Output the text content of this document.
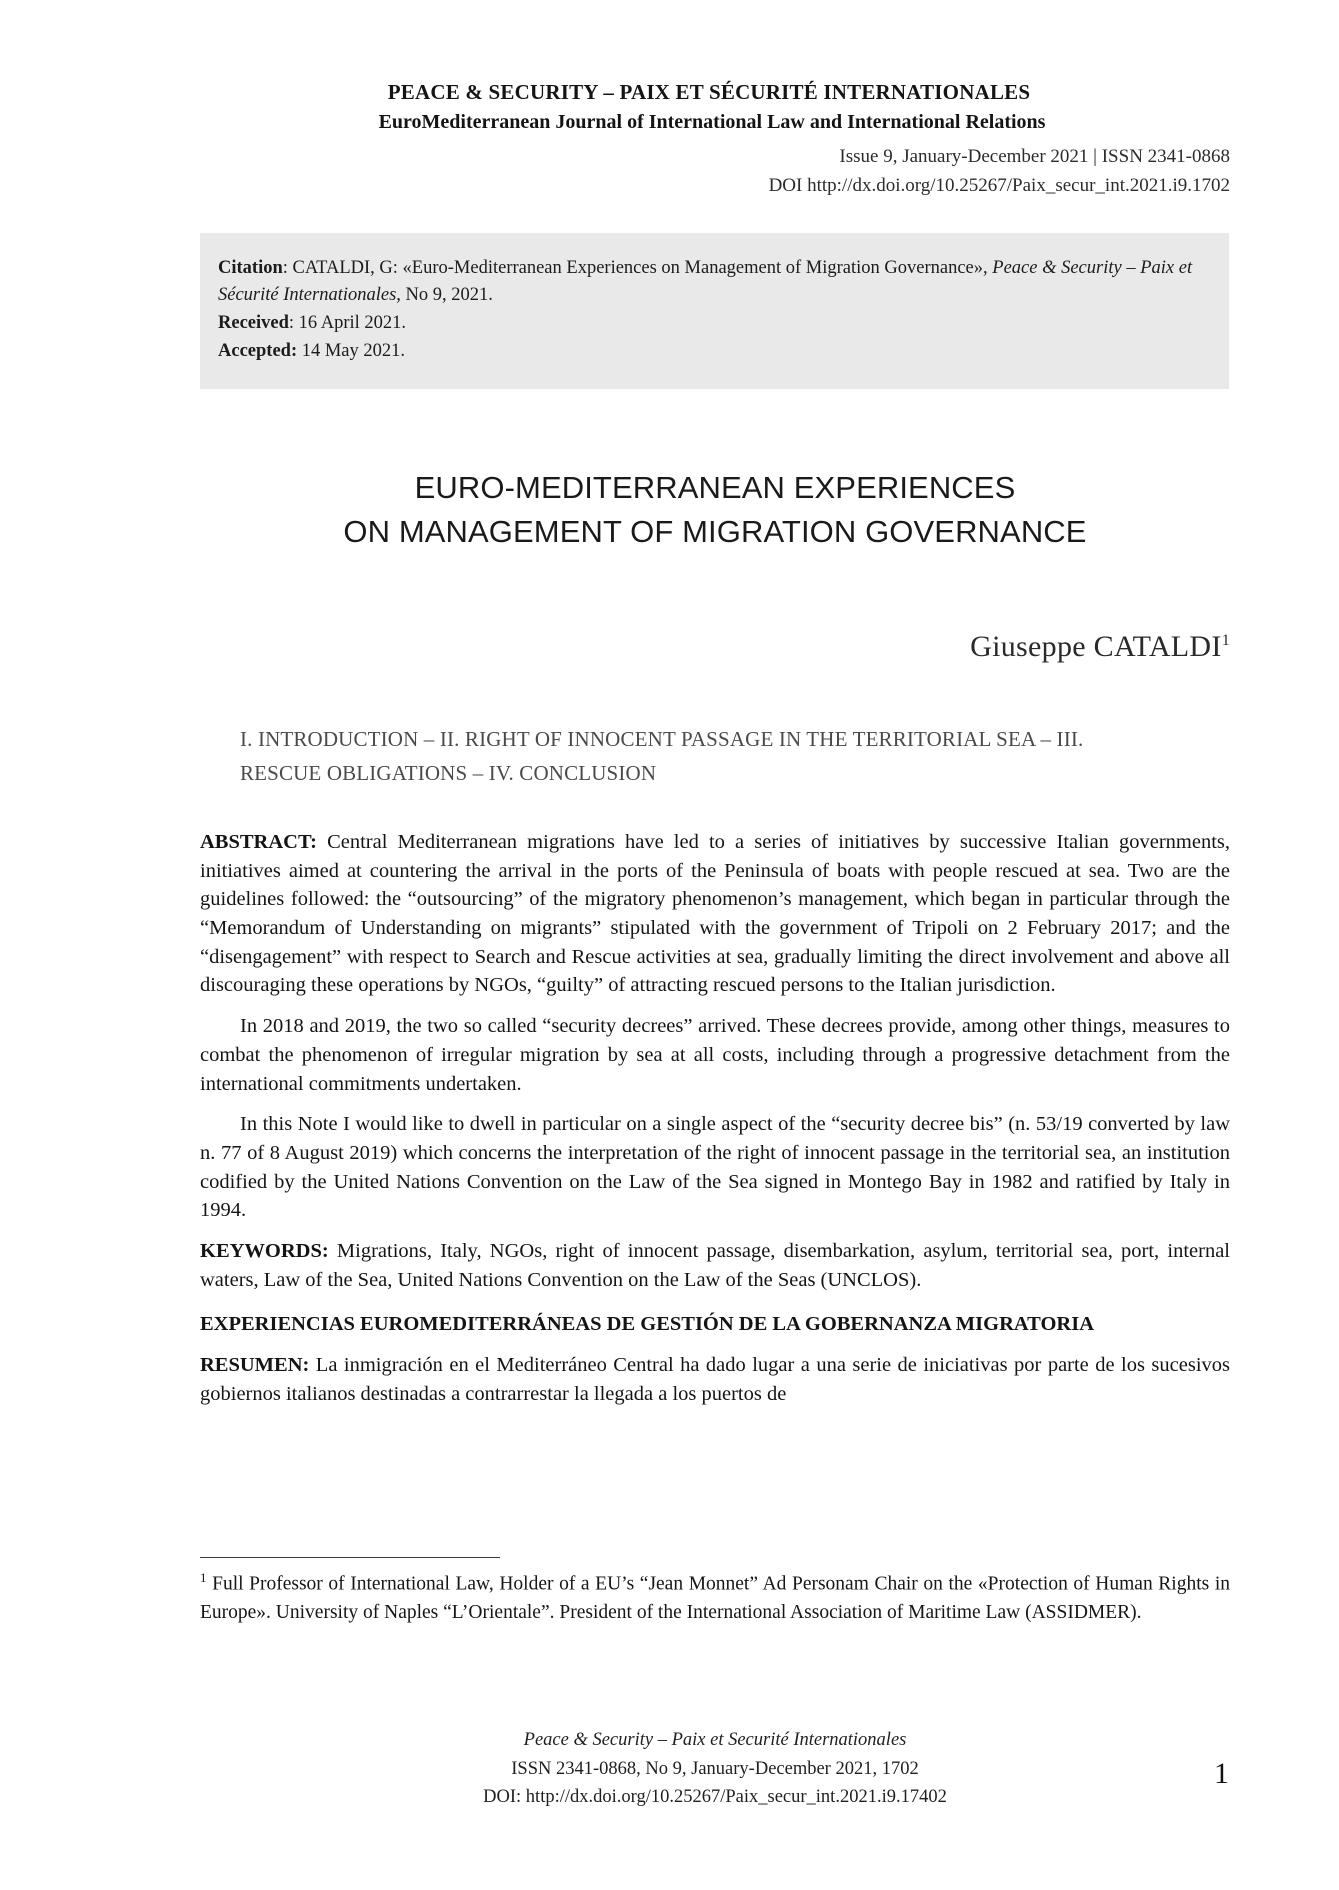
PEACE & SECURITY – PAIX ET SÉCURITÉ INTERNATIONALES
EuroMediterranean Journal of International Law and International Relations
Issue 9, January-December 2021 | ISSN 2341-0868
DOI http://dx.doi.org/10.25267/Paix_secur_int.2021.i9.1702
Citation: CATALDI, G: «Euro-Mediterranean Experiences on Management of Migration Governance», Peace & Security – Paix et Sécurité Internationales, No 9, 2021.
Received: 16 April 2021.
Accepted: 14 May 2021.
EURO-MEDITERRANEAN EXPERIENCES
ON MANAGEMENT OF MIGRATION GOVERNANCE
Giuseppe CATALDI$^1$
I. INTRODUCTION – II. RIGHT OF INNOCENT PASSAGE IN THE TERRITORIAL SEA – III. RESCUE OBLIGATIONS – IV. CONCLUSION

ABSTRACT: Central Mediterranean migrations have led to a series of initiatives by successive Italian governments, initiatives aimed at countering the arrival in the ports of the Peninsula of boats with people rescued at sea. Two are the guidelines followed: the “outsourcing” of the migratory phenomenon’s management, which began in particular through the “Memorandum of Understanding on migrants” stipulated with the government of Tripoli on 2 February 2017; and the “disengagement” with respect to Search and Rescue activities at sea, gradually limiting the direct involvement and above all discouraging these operations by NGOs, “guilty” of attracting rescued persons to the Italian jurisdiction.

In 2018 and 2019, the two so called “security decrees” arrived. These decrees provide, among other things, measures to combat the phenomenon of irregular migration by sea at all costs, including through a progressive detachment from the international commitments undertaken.

In this Note I would like to dwell in particular on a single aspect of the “security decree bis” (n. 53/19 converted by law n. 77 of 8 August 2019) which concerns the interpretation of the right of innocent passage in the territorial sea, an institution codified by the United Nations Convention on the Law of the Sea signed in Montego Bay in 1982 and ratified by Italy in 1994.

KEYWORDS: Migrations, Italy, NGOs, right of innocent passage, disembarkation, asylum, territorial sea, port, internal waters, Law of the Sea, United Nations Convention on the Law of the Seas (UNCLOS).

EXPERIENCIAS EUROMEDITERRÁNEAS DE GESTIÓN DE LA GOBERNANZA MIGRATORIA

RESUMEN: La inmigración en el Mediterráneo Central ha dado lugar a una serie de iniciativas por parte de los sucesivos gobiernos italianos destinadas a contrarrestar la llegada a los puertos de

$^1$ Full Professor of International Law, Holder of a EU’s “Jean Monnet” Ad Personam Chair on the «Protection of Human Rights in Europe». University of Naples “L’Orientale”. President of the International Association of Maritime Law (ASSIDMER).
Peace & Security – Paix et Securité Internationales
ISSN 2341-0868, No 9, January-December 2021, 1702
DOI: http://dx.doi.org/10.25267/Paix_secur_int.2021.i9.17402
1
